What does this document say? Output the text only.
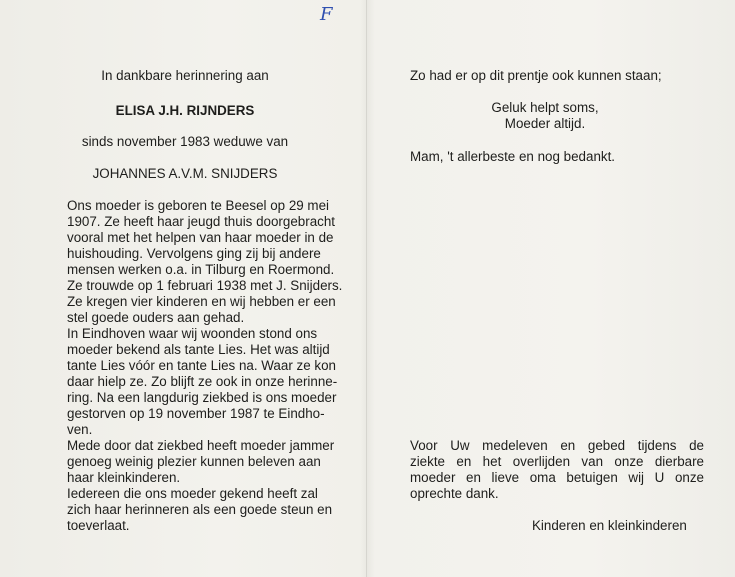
F
In dankbare herinnering aan
ELISA J.H. RIJNDERS
sinds november 1983 weduwe van
JOHANNES A.V.M. SNIJDERS
Ons moeder is geboren te Beesel op 29 mei
1907. Ze heeft haar jeugd thuis doorgebracht
vooral met het helpen van haar moeder in de
huishouding. Vervolgens ging zij bij andere
mensen werken o.a. in Tilburg en Roermond.
Ze trouwde op 1 februari 1938 met J. Snijders.
Ze kregen vier kinderen en wij hebben er een
stel goede ouders aan gehad.
In Eindhoven waar wij woonden stond ons
moeder bekend als tante Lies. Het was altijd
tante Lies vóór en tante Lies na. Waar ze kon
daar hielp ze. Zo blijft ze ook in onze herinne-
ring. Na een langdurig ziekbed is ons moeder
gestorven op 19 november 1987 te Eindho-
ven.
Mede door dat ziekbed heeft moeder jammer
genoeg weinig plezier kunnen beleven aan
haar kleinkinderen.
Iedereen die ons moeder gekend heeft zal
zich haar herinneren als een goede steun en
toeverlaat.
Zo had er op dit prentje ook kunnen staan;
Geluk helpt soms,
Moeder altijd.
Mam, 't allerbeste en nog bedankt.
Voor Uw medeleven en gebed tijdens de
ziekte en het overlijden van onze dierbare
moeder en lieve oma betuigen wij U onze
oprechte dank.
Kinderen en kleinkinderen
